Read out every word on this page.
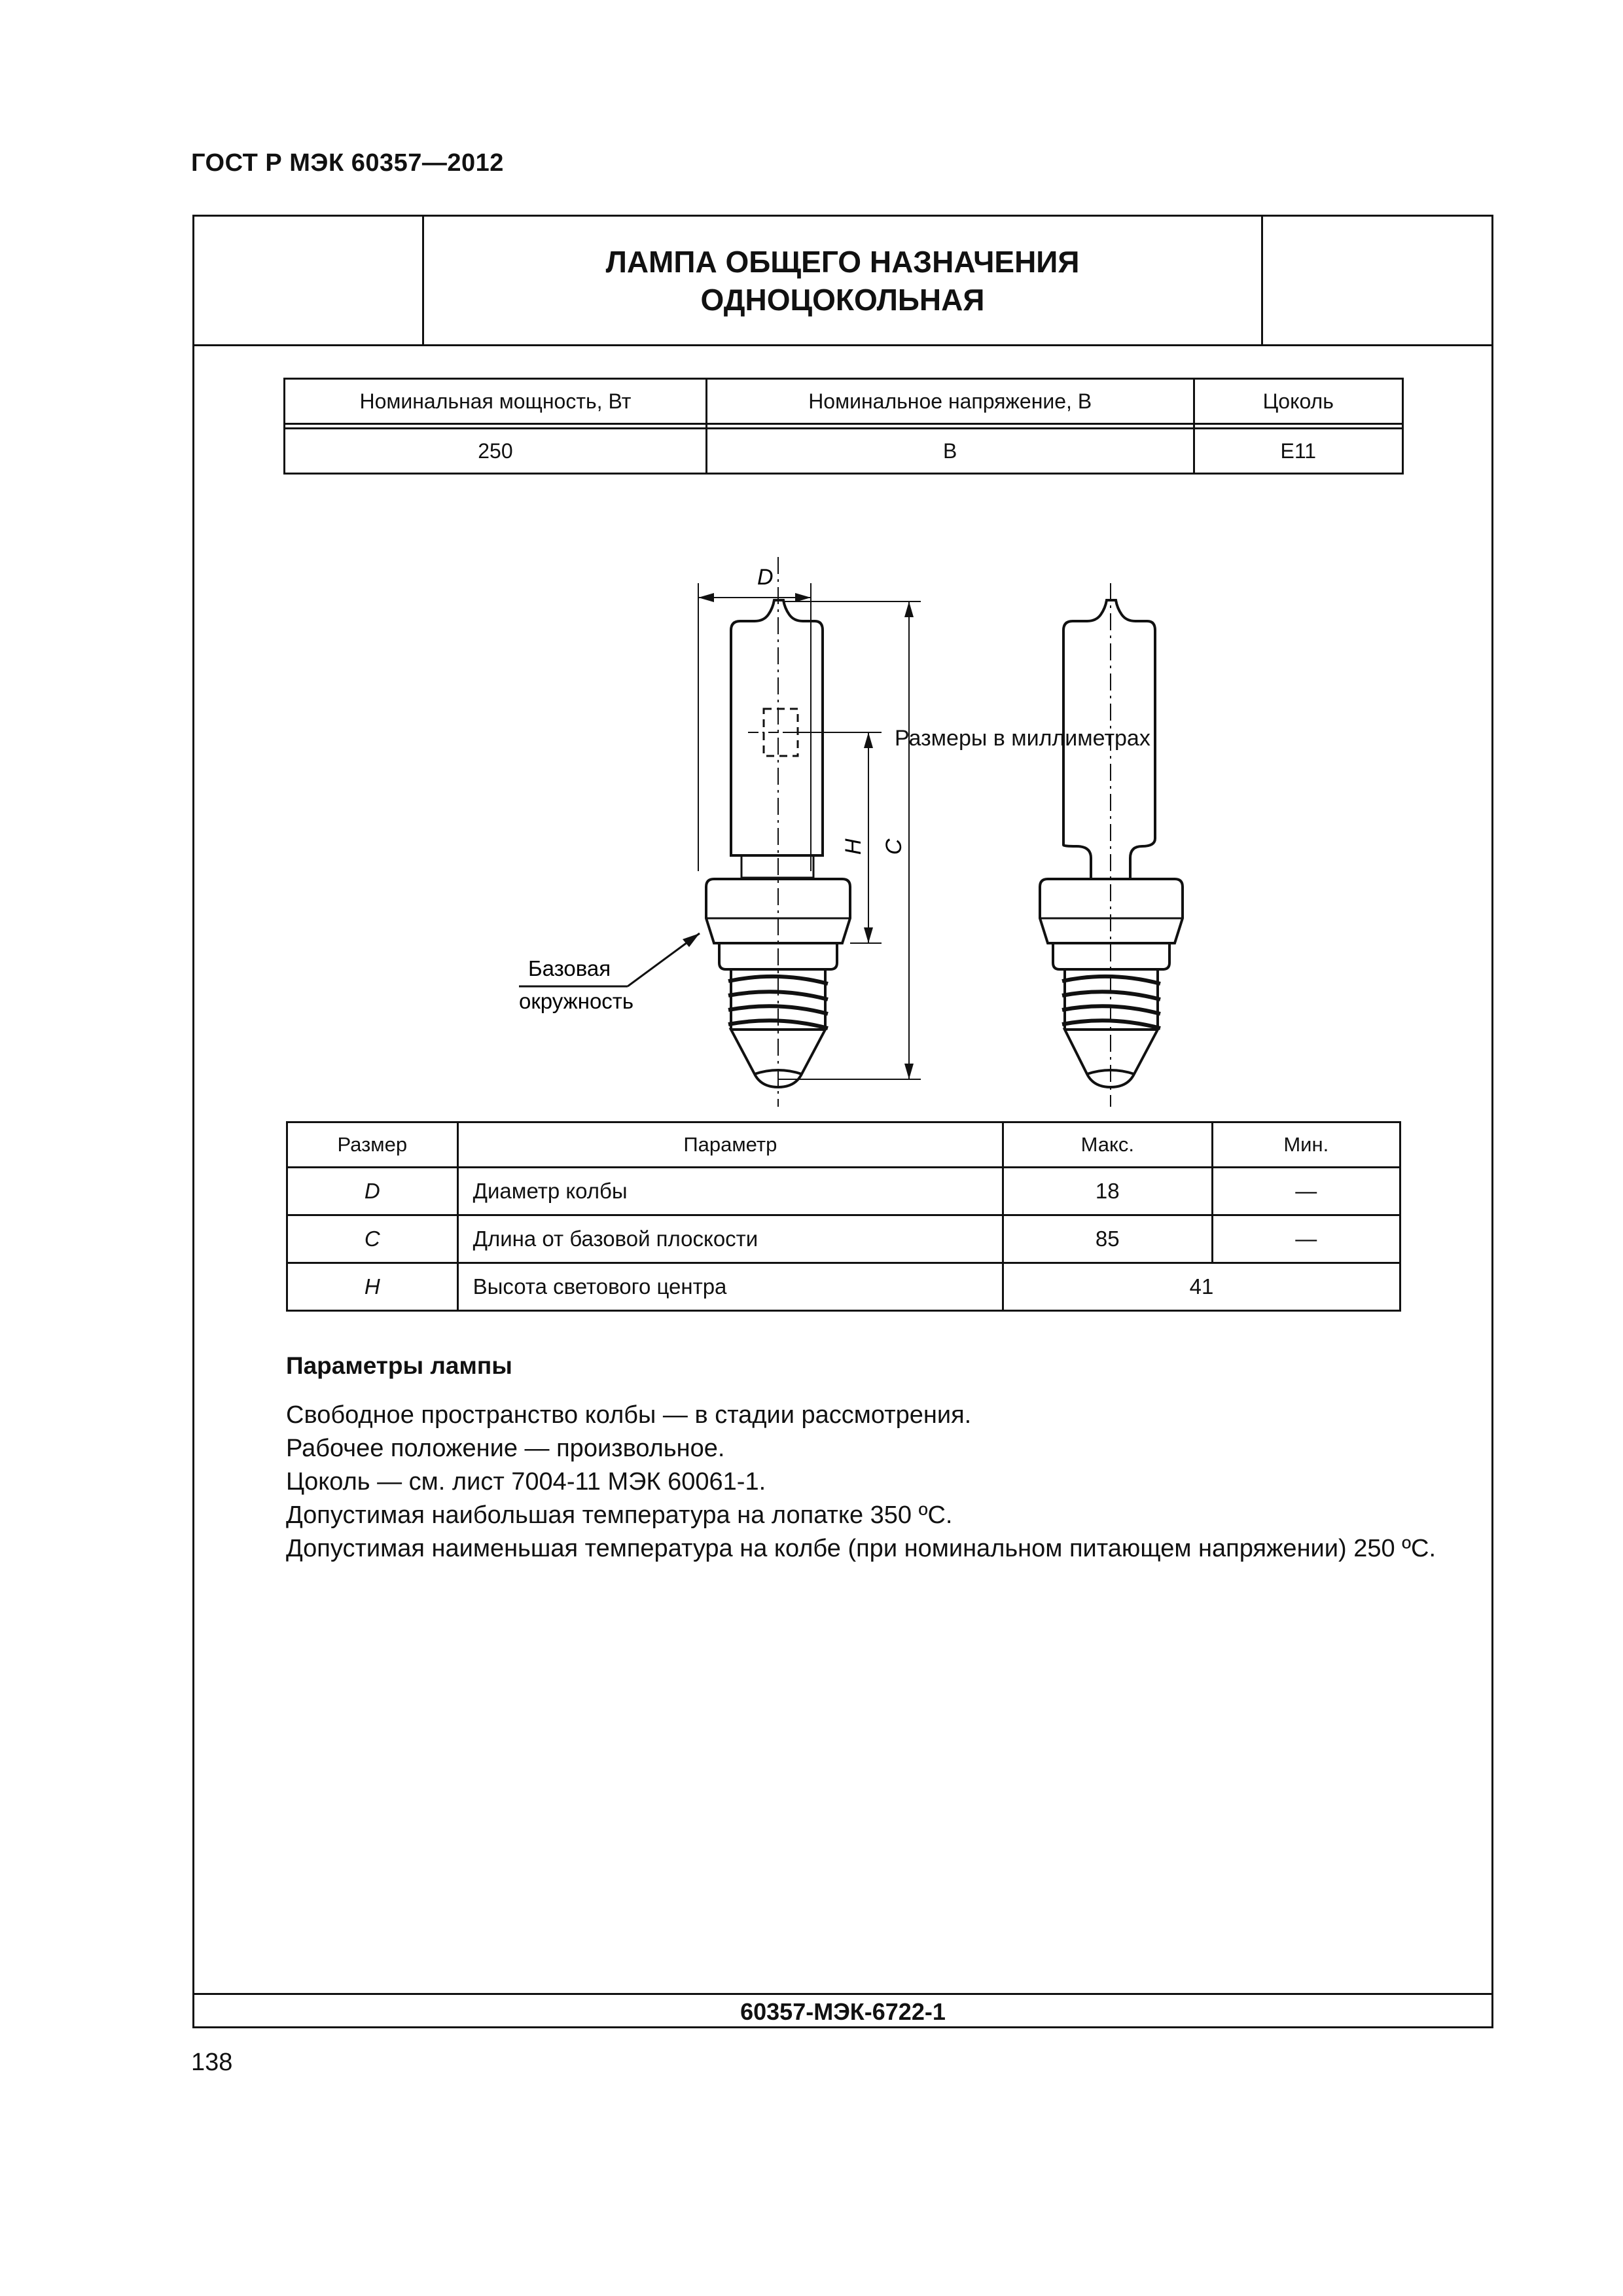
ГОСТ Р МЭК 60357—2012
ЛАМПА ОБЩЕГО НАЗНАЧЕНИЯ
ОДНОЦОКОЛЬНАЯ
Номинальная мощность, Вт	Номинальное напряжение, В	Цоколь

250	В	E11
Размеры в миллиметрах
D
H C
Базовая
окружность
Размер	Параметр	Макс.	Мин.
D	Диаметр колбы	18	—
C	Длина от базовой плоскости	85	—
H	Высота светового центра	41	
Параметры лампы
Свободное пространство колбы — в стадии рассмотрения.
Рабочее положение — произвольное.
Цоколь — см. лист 7004-11 МЭК 60061-1.
Допустимая наибольшая температура на лопатке 350 ºС.
Допустимая наименьшая температура на колбе (при номинальном питающем напряжении) 250 ºС.
60357-МЭК-6722-1
138
